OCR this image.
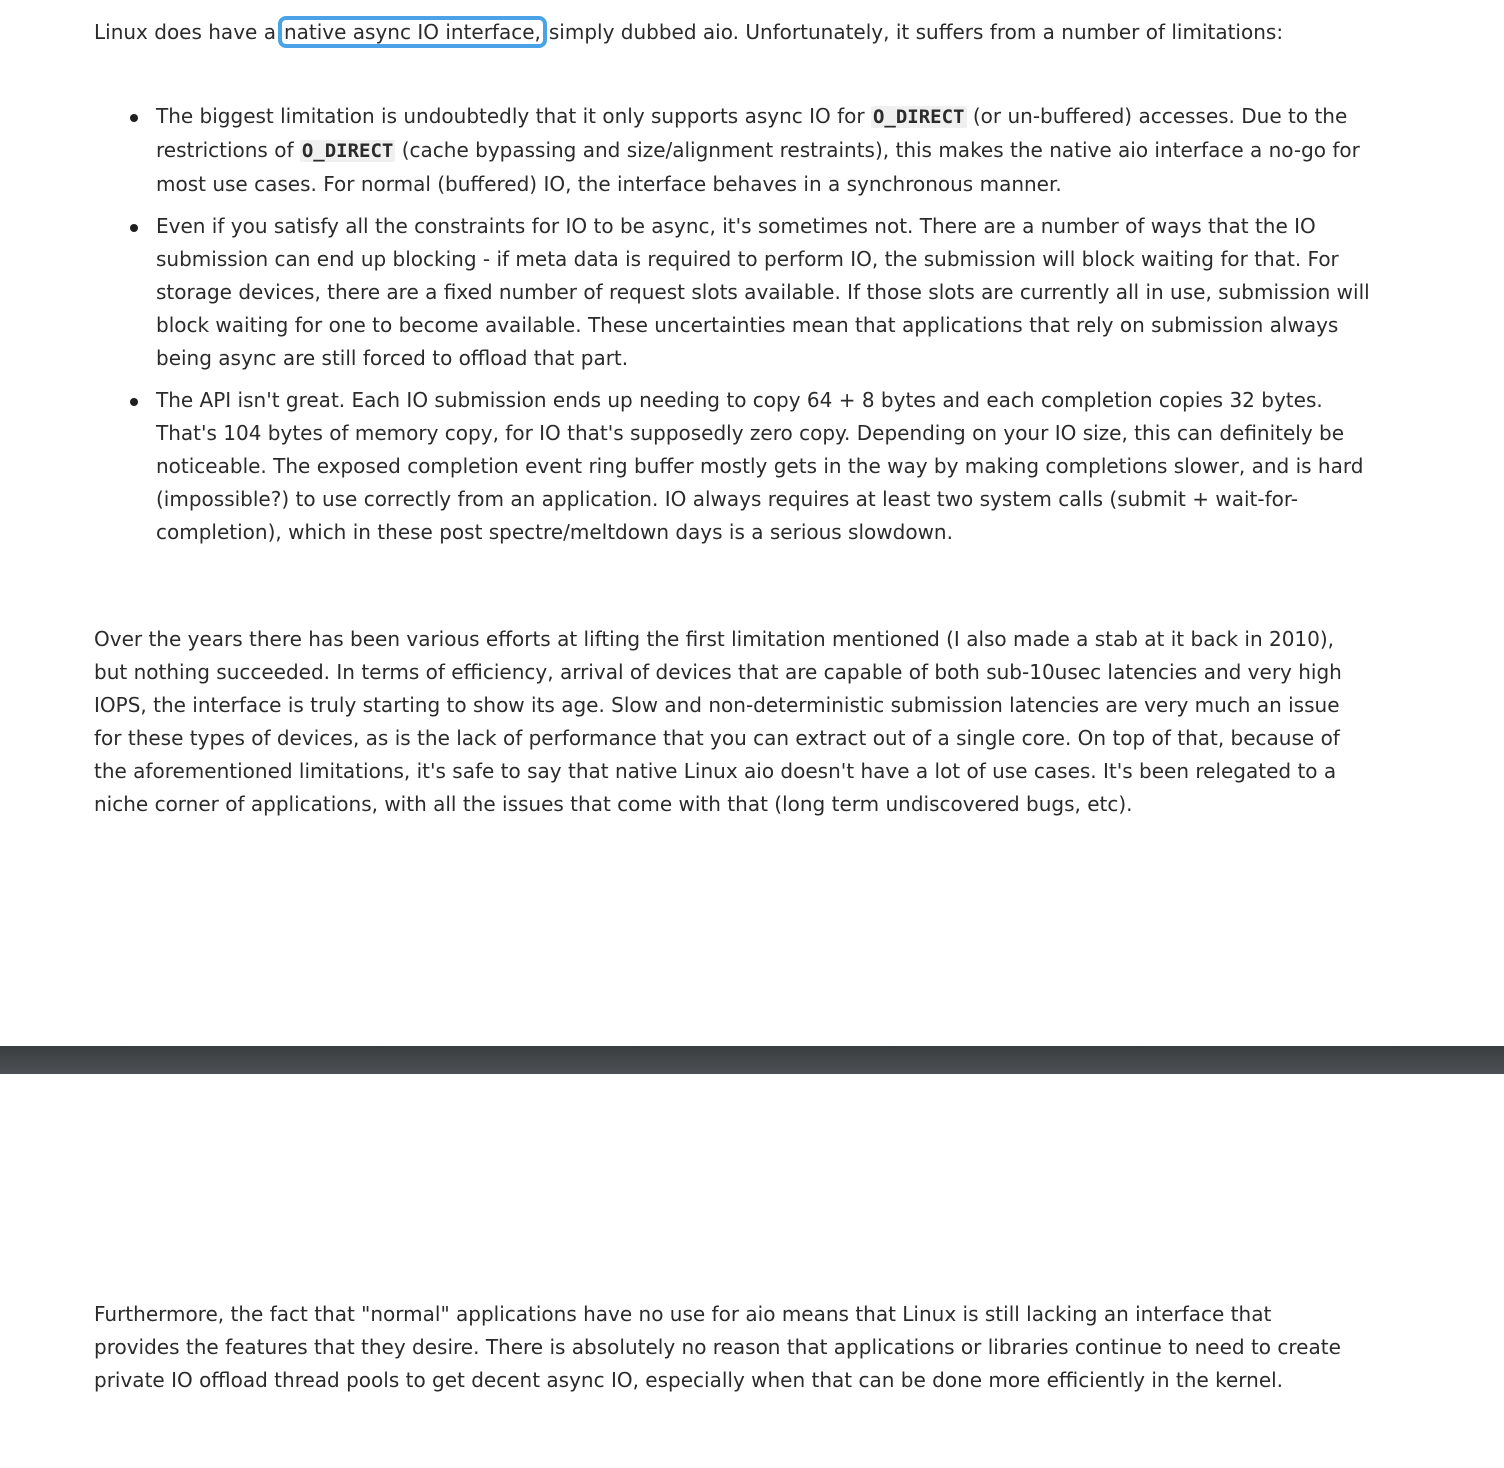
Linux does have a native async IO interface, simply dubbed aio. Unfortunately, it suffers from a number of limitations:

The biggest limitation is undoubtedly that it only supports async IO for O_DIRECT (or un-buffered) accesses. Due to the restrictions of O_DIRECT (cache bypassing and size/alignment restraints), this makes the native aio interface a no-go for most use cases. For normal (buffered) IO, the interface behaves in a synchronous manner.
Even if you satisfy all the constraints for IO to be async, it's sometimes not. There are a number of ways that the IO submission can end up blocking - if meta data is required to perform IO, the submission will block waiting for that. For storage devices, there are a fixed number of request slots available. If those slots are currently all in use, submission will block waiting for one to become available. These uncertainties mean that applications that rely on submission always being async are still forced to offload that part.
The API isn't great. Each IO submission ends up needing to copy 64 + 8 bytes and each completion copies 32 bytes. That's 104 bytes of memory copy, for IO that's supposedly zero copy. Depending on your IO size, this can definitely be noticeable. The exposed completion event ring buffer mostly gets in the way by making completions slower, and is hard (impossible?) to use correctly from an application. IO always requires at least two system calls (submit + wait-for-completion), which in these post spectre/meltdown days is a serious slowdown.

Over the years there has been various efforts at lifting the first limitation mentioned (I also made a stab at it back in 2010), but nothing succeeded. In terms of efficiency, arrival of devices that are capable of both sub-10usec latencies and very high IOPS, the interface is truly starting to show its age. Slow and non-deterministic submission latencies are very much an issue for these types of devices, as is the lack of performance that you can extract out of a single core. On top of that, because of the aforementioned limitations, it's safe to say that native Linux aio doesn't have a lot of use cases. It's been relegated to a niche corner of applications, with all the issues that come with that (long term undiscovered bugs, etc).

Furthermore, the fact that "normal" applications have no use for aio means that Linux is still lacking an interface that provides the features that they desire. There is absolutely no reason that applications or libraries continue to need to create private IO offload thread pools to get decent async IO, especially when that can be done more efficiently in the kernel.
